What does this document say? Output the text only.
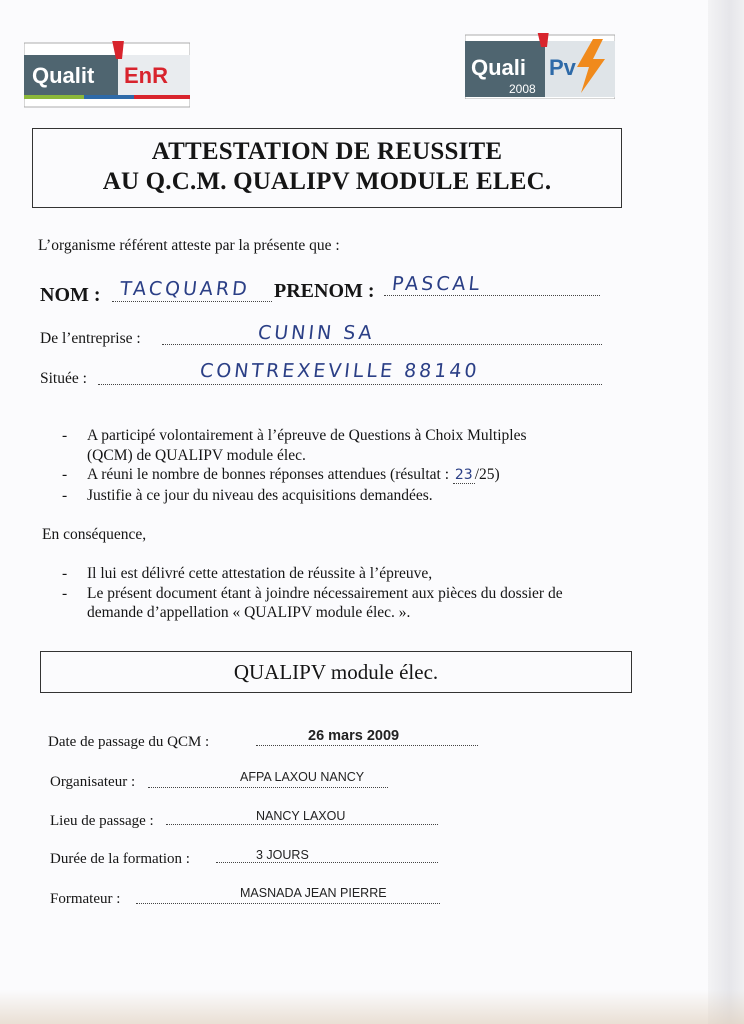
Qualit EnR	Quali Pv
2008
ATTESTATION DE REUSSITE
AU Q.C.M. QUALIPV MODULE ELEC.
L’organisme référent atteste par la présente que :
NOM : TACQUARD PRENOM : PASCAL
De l’entreprise :	CUNIN SA
Située :	CONTREXEVILLE 88140
- A participé volontairement à l’épreuve de Questions à Choix Multiples
(QCM) de QUALIPV module élec.
- A réuni le nombre de bonnes réponses attendues (résultat : 23 /25)
- Justifie à ce jour du niveau des acquisitions demandées.
En conséquence,
- Il lui est délivré cette attestation de réussite à l’épreuve,
- Le présent document étant à joindre nécessairement aux pièces du dossier de
demande d’appellation « QUALIPV module élec. ».
QUALIPV module élec.
Date de passage du QCM :	26 mars 2009
Organisateur :	AFPA LAXOU NANCY
Lieu de passage :	NANCY LAXOU
Durée de la formation :	3 JOURS
Formateur :	MASNADA JEAN PIERRE
